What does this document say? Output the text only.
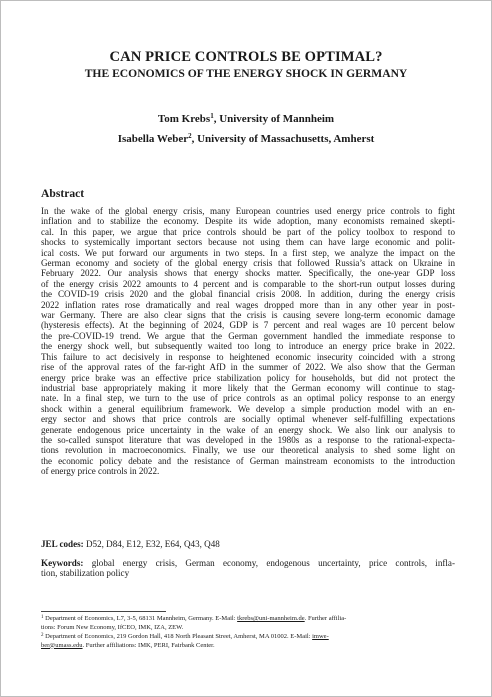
CAN PRICE CONTROLS BE OPTIMAL?
THE ECONOMICS OF THE ENERGY SHOCK IN GERMANY
Tom Krebs$^1$, University of Mannheim
Isabella Weber$^2$, University of Massachusetts, Amherst
Abstract
In the wake of the global energy crisis, many European countries used energy price controls to fight
inflation and to stabilize the economy. Despite its wide adoption, many economists remained skepti-
cal. In this paper, we argue that price controls should be part of the policy toolbox to respond to
shocks to systemically important sectors because not using them can have large economic and polit-
ical costs. We put forward our arguments in two steps. In a first step, we analyze the impact on the
German economy and society of the global energy crisis that followed Russia’s attack on Ukraine in
February 2022. Our analysis shows that energy shocks matter. Specifically, the one-year GDP loss
of the energy crisis 2022 amounts to 4 percent and is comparable to the short-run output losses during
the COVID-19 crisis 2020 and the global financial crisis 2008. In addition, during the energy crisis
2022 inflation rates rose dramatically and real wages dropped more than in any other year in post-
war Germany. There are also clear signs that the crisis is causing severe long-term economic damage
(hysteresis effects). At the beginning of 2024, GDP is 7 percent and real wages are 10 percent below
the pre-COVID-19 trend. We argue that the German government handled the immediate response to
the energy shock well, but subsequently waited too long to introduce an energy price brake in 2022.
This failure to act decisively in response to heightened economic insecurity coincided with a strong
rise of the approval rates of the far-right AfD in the summer of 2022. We also show that the German
energy price brake was an effective price stabilization policy for households, but did not protect the
industrial base appropriately making it more likely that the German economy will continue to stag-
nate. In a final step, we turn to the use of price controls as an optimal policy response to an energy
shock within a general equilibrium framework. We develop a simple production model with an en-
ergy sector and shows that price controls are socially optimal whenever self-fulfilling expectations
generate endogenous price uncertainty in the wake of an energy shock. We also link our analysis to
the so-called sunspot literature that was developed in the 1980s as a response to the rational-expecta-
tions revolution in macroeconomics. Finally, we use our theoretical analysis to shed some light on
the economic policy debate and the resistance of German mainstream economists to the introduction
of energy price controls in 2022.
JEL codes: D52, D84, E12, E32, E64, Q43, Q48
Keywords: global energy crisis, German economy, endogenous uncertainty, price controls, infla-
tion, stabilization policy
$^1$ Department of Economics, L7, 3-5, 68131 Mannheim, Germany. E-Mail: tkrebs@uni-mannheim.de. Further affilia-
tions: Forum New Economy, IfCEO, IMK, IZA, ZEW.
$^2$ Department of Economics, 219 Gordon Hall, 418 North Pleasant Street, Amherst, MA 01002. E-Mail: imwe-
ber@umass.edu. Further affiliations: IMK, PERI, Fairbank Center.
